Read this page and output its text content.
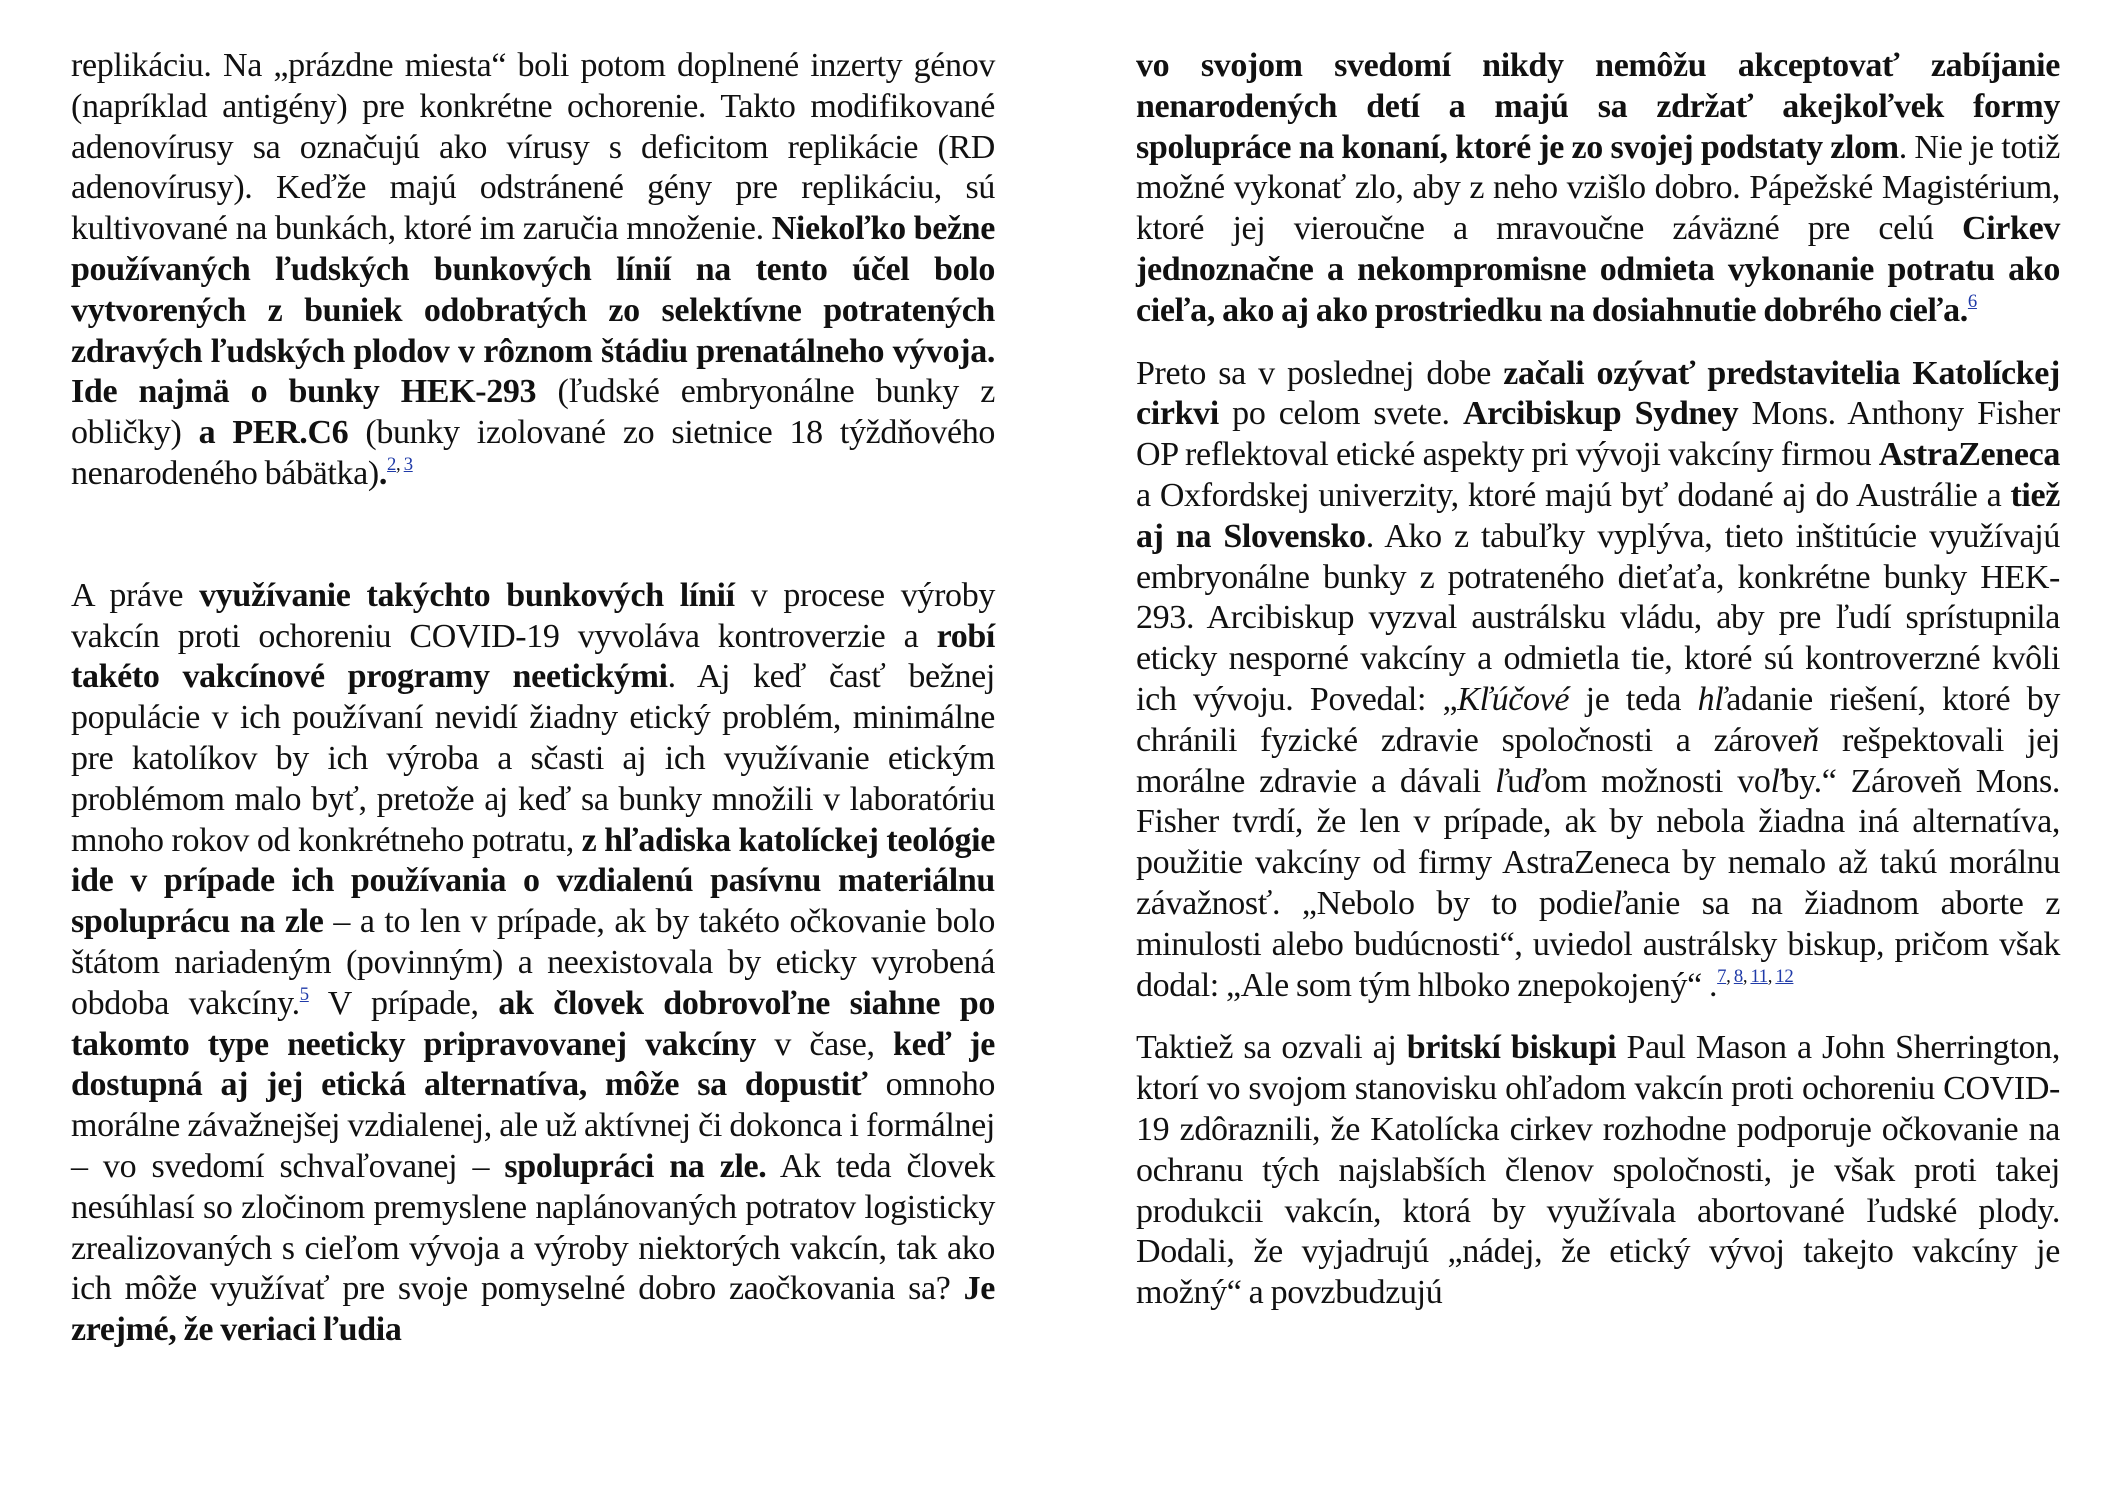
replikáciu. Na „prázdne miesta“ boli potom doplnené inzerty génov (napríklad antigény) pre konkrétne ochorenie. Takto modifikované adenovírusy sa označujú ako vírusy s deficitom replikácie (RD adenovírusy). Keďže majú odstránené gény pre replikáciu, sú kultivované na bunkách, ktoré im zaručia množenie. Niekoľko bežne používaných ľudských bunkových línií na tento účel bolo vytvorených z buniek odobratých zo selektívne potratených zdravých ľudských plodov v rôznom štádiu prenatálneho vývoja. Ide najmä o bunky HEK-293 (ľudské embryonálne bunky z obličky) a PER.C6 (bunky izolované zo sietnice 18 týždňového nenarodeného bábätka).$^{2,}$ $^3$

A práve využívanie takýchto bunkových línií v procese výroby vakcín proti ochoreniu COVID-19 vyvoláva kontroverzie a robí takéto vakcínové programy neetickými. Aj keď časť bežnej populácie v ich používaní nevidí žiadny etický problém, minimálne pre katolíkov by ich výroba a sčasti aj ich využívanie etickým problémom malo byť, pretože aj keď sa bunky množili v laboratóriu mnoho rokov od konkrétneho potratu, z hľadiska katolíckej teológie ide v prípade ich používania o vzdialenú pasívnu materiálnu spoluprácu na zle – a to len v prípade, ak by takéto očkovanie bolo štátom nariadeným (povinným) a neexistovala by eticky vyrobená obdoba vakcíny.$^5$ V prípade, ak človek dobrovoľne siahne po takomto type neeticky pripravovanej vakcíny v čase, keď je dostupná aj jej etická alternatíva, môže sa dopustiť omnoho morálne závažnejšej vzdialenej, ale už aktívnej či dokonca i formálnej – vo svedomí schvaľovanej – spolupráci na zle. Ak teda človek nesúhlasí so zločinom premyslene naplánovaných potratov logisticky zrealizovaných s cieľom vývoja a výroby niektorých vakcín, tak ako ich môže využívať pre svoje pomyselné dobro zaočkovania sa? Je zrejmé, že veriaci ľudia

vo svojom svedomí nikdy nemôžu akceptovať zabíjanie nenarodených detí a majú sa zdržať akejkoľvek formy spolupráce na konaní, ktoré je zo svojej podstaty zlom. Nie je totiž možné vykonať zlo, aby z neho vzišlo dobro. Pápežské Magistérium, ktoré jej vieroučne a mravoučne záväzné pre celú Cirkev jednoznačne a nekompromisne odmieta vykonanie potratu ako cieľa, ako aj ako prostriedku na dosiahnutie dobrého cieľa.$^6$

Preto sa v poslednej dobe začali ozývať predstavitelia Katolíckej cirkvi po celom svete. Arcibiskup Sydney Mons. Anthony Fisher OP reflektoval etické aspekty pri vývoji vakcíny firmou AstraZeneca a Oxfordskej univerzity, ktoré majú byť dodané aj do Austrálie a tiež aj na Slovensko. Ako z tabuľky vyplýva, tieto inštitúcie využívajú embryonálne bunky z potrateného dieťaťa, konkrétne bunky HEK-293. Arcibiskup vyzval austrálsku vládu, aby pre ľudí sprístupnila eticky nesporné vakcíny a odmietla tie, ktoré sú kontroverzné kvôli ich vývoju. Povedal: „Kľúčové je teda hľadanie riešení, ktoré by chránili fyzické zdravie spoločnosti a zároveň rešpektovali jej morálne zdravie a dávali ľuďom možnosti voľby.“ Zároveň Mons. Fisher tvrdí, že len v prípade, ak by nebola žiadna iná alternatíva, použitie vakcíny od firmy AstraZeneca by nemalo až takú morálnu závažnosť. „Nebolo by to podieľanie sa na žiadnom aborte z minulosti alebo budúcnosti“, uviedol austrálsky biskup, pričom však dodal: „Ale som tým hlboko znepokojený“ .$^{7,}$ $^{8,}$ $^{11,}$ $^{12}$

Taktiež sa ozvali aj britskí biskupi Paul Mason a John Sherrington, ktorí vo svojom stanovisku ohľadom vakcín proti ochoreniu COVID-19 zdôraznili, že Katolícka cirkev rozhodne podporuje očkovanie na ochranu tých najslabších členov spoločnosti, je však proti takej produkcii vakcín, ktorá by využívala abortované ľudské plody. Dodali, že vyjadrujú „nádej, že etický vývoj takejto vakcíny je možný“ a povzbudzujú
